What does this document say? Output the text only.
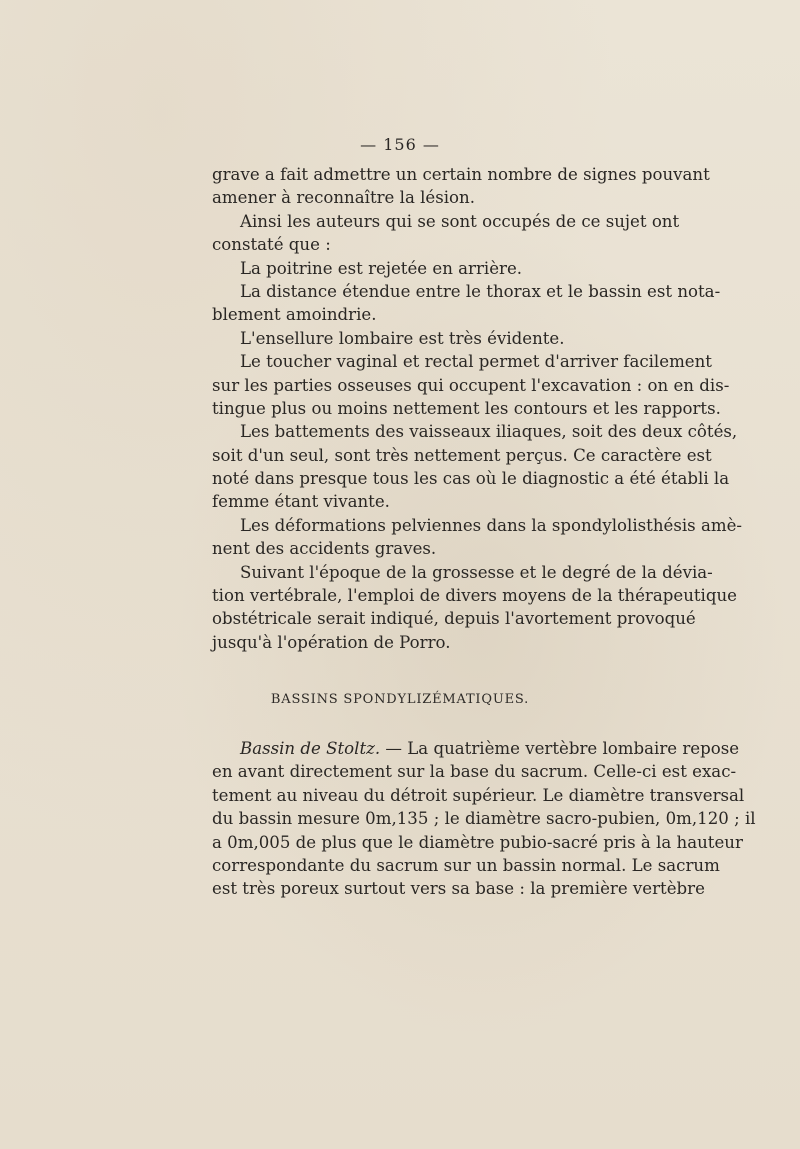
— 156 —
grave a fait admettre un certain nombre de signes pouvant
amener à reconnaître la lésion.
Ainsi les auteurs qui se sont occupés de ce sujet ont
constaté que :
La poitrine est rejetée en arrière.
La distance étendue entre le thorax et le bassin est nota-
blement amoindrie.
L'ensellure lombaire est très évidente.
Le toucher vaginal et rectal permet d'arriver facilement
sur les parties osseuses qui occupent l'excavation : on en dis-
tingue plus ou moins nettement les contours et les rapports.
Les battements des vaisseaux iliaques, soit des deux côtés,
soit d'un seul, sont très nettement perçus. Ce caractère est
noté dans presque tous les cas où le diagnostic a été établi la
femme étant vivante.
Les déformations pelviennes dans la spondylolisthésis amè-
nent des accidents graves.
Suivant l'époque de la grossesse et le degré de la dévia-
tion vertébrale, l'emploi de divers moyens de la thérapeutique
obstétricale serait indiqué, depuis l'avortement provoqué
jusqu'à l'opération de Porro.
BASSINS SPONDYLIZÉMATIQUES.
Bassin de Stoltz. — La quatrième vertèbre lombaire repose
en avant directement sur la base du sacrum. Celle-ci est exac-
tement au niveau du détroit supérieur. Le diamètre transversal
du bassin mesure 0m,135 ; le diamètre sacro-pubien, 0m,120 ; il
a 0m,005 de plus que le diamètre pubio-sacré pris à la hauteur
correspondante du sacrum sur un bassin normal. Le sacrum
est très poreux surtout vers sa base : la première vertèbre
